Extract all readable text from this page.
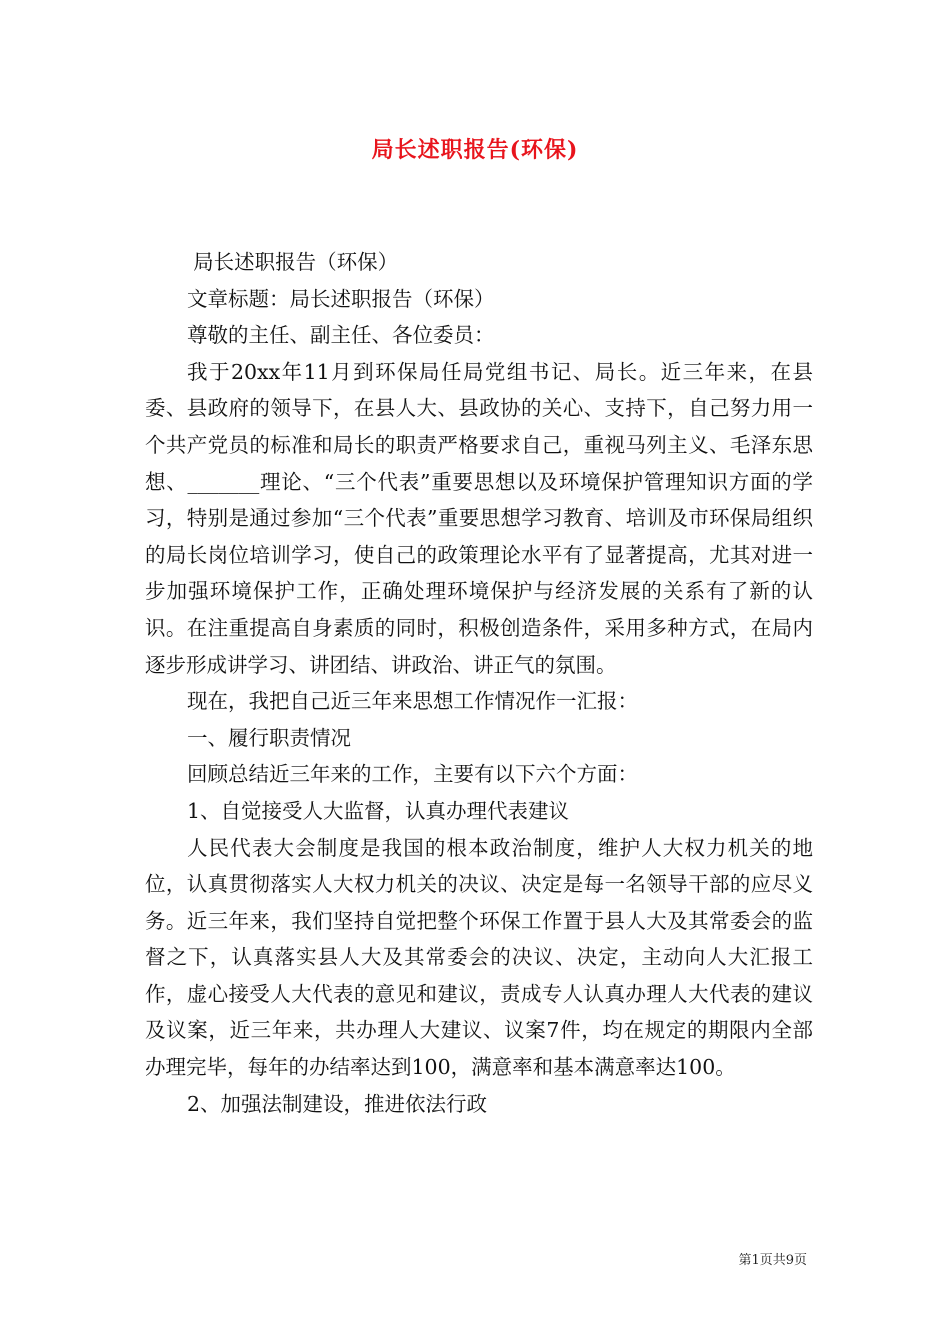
局长述职报告(环保)

局长述职报告（环保）

文章标题：局长述职报告（环保）

尊敬的主任、副主任、各位委员：

我于20xx年11月到环保局任局党组书记、局长。近三年来，在县委、县政府的领导下，在县人大、县政协的关心、支持下，自己努力用一个共产党员的标准和局长的职责严格要求自己，重视马列主义、毛泽东思想、_______理论、“三个代表”重要思想以及环境保护管理知识方面的学习，特别是通过参加“三个代表”重要思想学习教育、培训及市环保局组织的局长岗位培训学习，使自己的政策理论水平有了显著提高，尤其对进一步加强环境保护工作，正确处理环境保护与经济发展的关系有了新的认识。在注重提高自身素质的同时，积极创造条件，采用多种方式，在局内逐步形成讲学习、讲团结、讲政治、讲正气的氛围。

现在，我把自己近三年来思想工作情况作一汇报：

一、履行职责情况

回顾总结近三年来的工作，主要有以下六个方面：

1、自觉接受人大监督，认真办理代表建议

人民代表大会制度是我国的根本政治制度，维护人大权力机关的地位，认真贯彻落实人大权力机关的决议、决定是每一名领导干部的应尽义务。近三年来，我们坚持自觉把整个环保工作置于县人大及其常委会的监督之下，认真落实县人大及其常委会的决议、决定，主动向人大汇报工作，虚心接受人大代表的意见和建议，责成专人认真办理人大代表的建议及议案，近三年来，共办理人大建议、议案7件，均在规定的期限内全部办理完毕，每年的办结率达到100，满意率和基本满意率达100。

2、加强法制建设，推进依法行政

第1页共9页
